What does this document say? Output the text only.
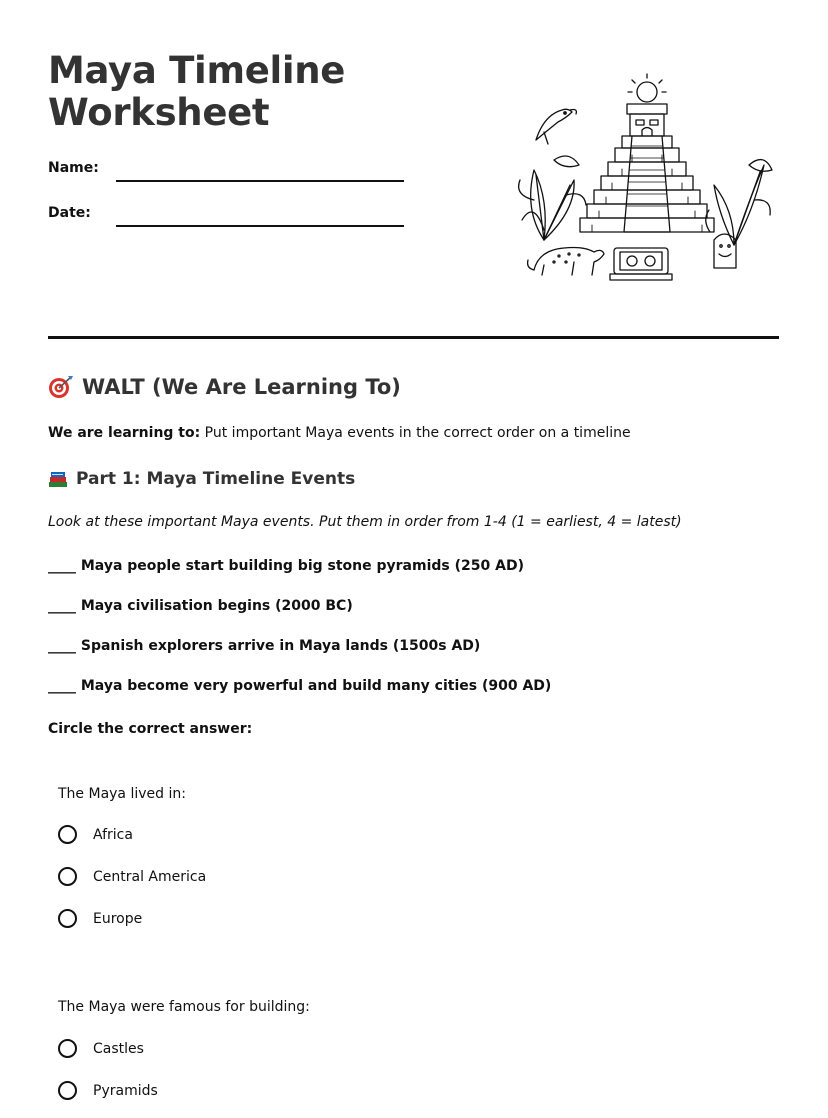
Maya Timeline
Worksheet
Name:
Date:
WALT (We Are Learning To)
We are learning to: Put important Maya events in the correct order on a timeline
Part 1: Maya Timeline Events
Look at these important Maya events. Put them in order from 1-4 (1 = earliest, 4 = latest)
____ Maya people start building big stone pyramids (250 AD)
____ Maya civilisation begins (2000 BC)
____ Spanish explorers arrive in Maya lands (1500s AD)
____ Maya become very powerful and build many cities (900 AD)
Circle the correct answer:
The Maya lived in:
Africa
Central America
Europe
The Maya were famous for building:
Castles
Pyramids
